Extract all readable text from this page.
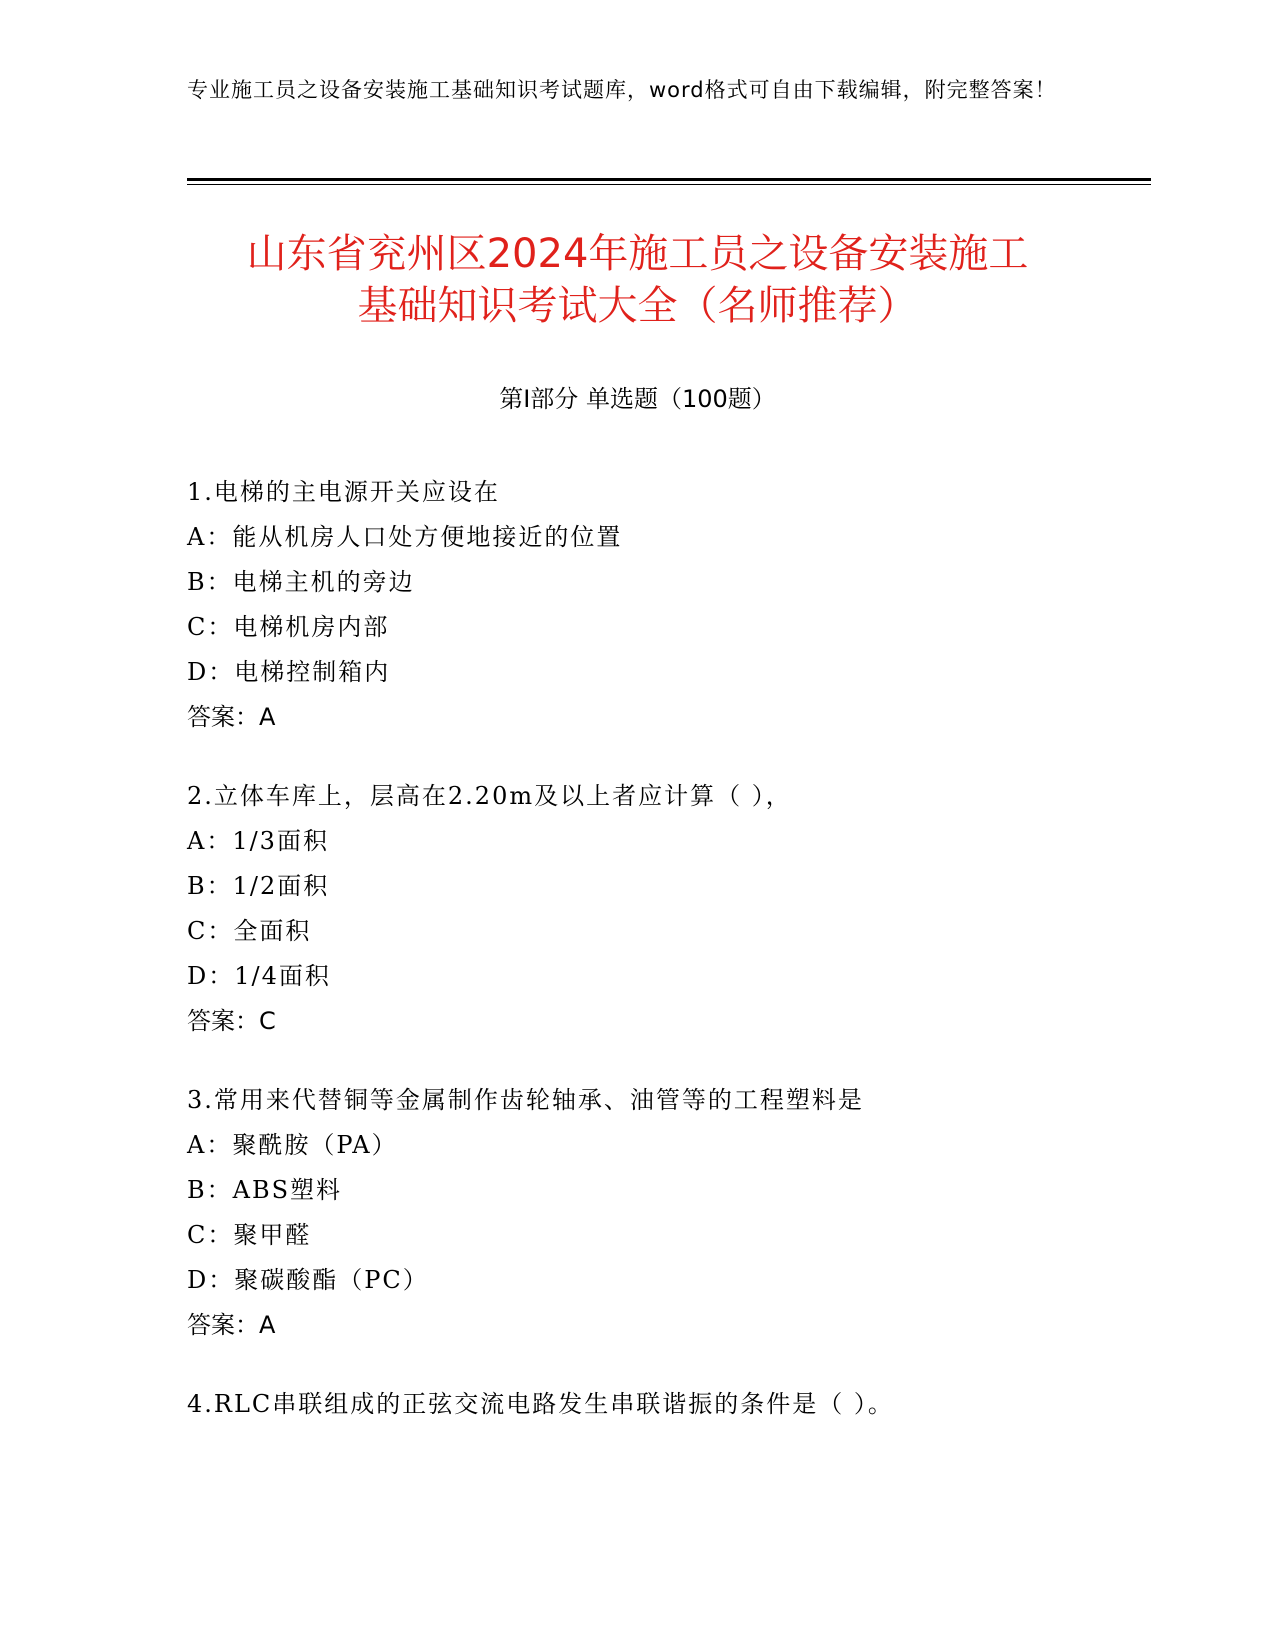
专业施工员之设备安装施工基础知识考试题库，word格式可自由下载编辑，附完整答案！
山东省兖州区2024年施工员之设备安装施工
基础知识考试大全（名师推荐）
第Ⅰ部分 单选题（100题）
1.电梯的主电源开关应设在
A：能从机房人口处方便地接近的位置
B：电梯主机的旁边
C：电梯机房内部
D：电梯控制箱内
答案：A
2.立体车库上，层高在2.20m及以上者应计算（ ），
A：1/3面积
B：1/2面积
C：全面积
D：1/4面积
答案：C
3.常用来代替铜等金属制作齿轮轴承、油管等的工程塑料是
A：聚酰胺（PA）
B：ABS塑料
C：聚甲醛
D：聚碳酸酯（PC）
答案：A
4.RLC串联组成的正弦交流电路发生串联谐振的条件是（ ）。
